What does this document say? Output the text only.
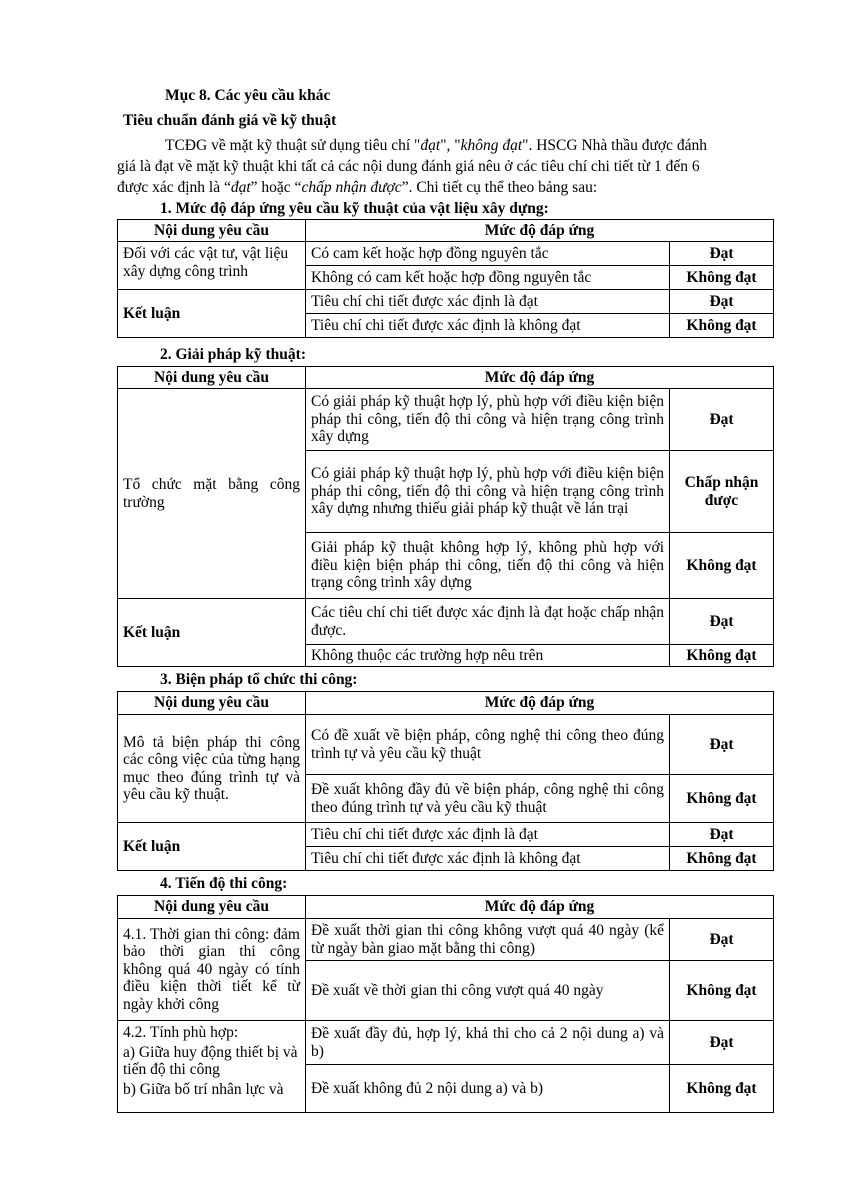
Mục 8. Các yêu cầu khác
Tiêu chuẩn đánh giá về kỹ thuật
TCĐG về mặt kỹ thuật sử dụng tiêu chí "đạt", "không đạt". HSCG Nhà thầu được đánh
giá là đạt về mặt kỹ thuật khi tất cả các nội dung đánh giá nêu ở các tiêu chí chi tiết từ 1 đến 6
được xác định là “đạt” hoặc “chấp nhận được”. Chi tiết cụ thể theo bảng sau:
1. Mức độ đáp ứng yêu cầu kỹ thuật của vật liệu xây dựng:
Nội dung yêu cầu	Mức độ đáp ứng	
Đối với các vật tư, vật liệu xây dựng công trình	Có cam kết hoặc hợp đồng nguyên tắc	Đạt
	Không có cam kết hoặc hợp đồng nguyên tắc	Không đạt
Kết luận	Tiêu chí chi tiết được xác định là đạt	Đạt
	Tiêu chí chi tiết được xác định là không đạt	Không đạt
2. Giải pháp kỹ thuật:
Nội dung yêu cầu	Mức độ đáp ứng	
Tổ chức mặt bằng công trường	Có giải pháp kỹ thuật hợp lý, phù hợp với điều kiện biện pháp thi công, tiến độ thi công và hiện trạng công trình xây dựng	Đạt
	Có giải pháp kỹ thuật hợp lý, phù hợp với điều kiện biện pháp thi công, tiến độ thi công và hiện trạng công trình xây dựng nhưng thiếu giải pháp kỹ thuật về lán trại	Chấp nhận được
	Giải pháp kỹ thuật không hợp lý, không phù hợp với điều kiện biện pháp thi công, tiến độ thi công và hiện trạng công trình xây dựng	Không đạt
Kết luận	Các tiêu chí chi tiết được xác định là đạt hoặc chấp nhận được.	Đạt
	Không thuộc các trường hợp nêu trên	Không đạt
3. Biện pháp tổ chức thi công:
Nội dung yêu cầu	Mức độ đáp ứng	
Mô tả biện pháp thi công các công việc của từng hạng mục theo đúng trình tự và yêu cầu kỹ thuật.	Có đề xuất về biện pháp, công nghệ thi công theo đúng trình tự và yêu cầu kỹ thuật	Đạt
	Đề xuất không đầy đủ về biện pháp, công nghệ thi công theo đúng trình tự và yêu cầu kỹ thuật	Không đạt
Kết luận	Tiêu chí chi tiết được xác định là đạt	Đạt
	Tiêu chí chi tiết được xác định là không đạt	Không đạt
4. Tiến độ thi công:
Nội dung yêu cầu	Mức độ đáp ứng	
4.1. Thời gian thi công: đảm bảo thời gian thi công không quá 40 ngày có tính điều kiện thời tiết kể từ ngày khởi công	Đề xuất thời gian thi công không vượt quá 40 ngày (kể từ ngày bàn giao mặt bằng thi công)	Đạt
	Đề xuất về thời gian thi công vượt quá 40 ngày	Không đạt

4.2. Tính phù hợp:
a) Giữa huy động thiết bị và tiến độ thi công
b) Giữa bố trí nhân lực và	Đề xuất đầy đủ, hợp lý, khả thi cho cả 2 nội dung a) và b)	Đạt
	Đề xuất không đủ 2 nội dung a) và b)	Không đạt
